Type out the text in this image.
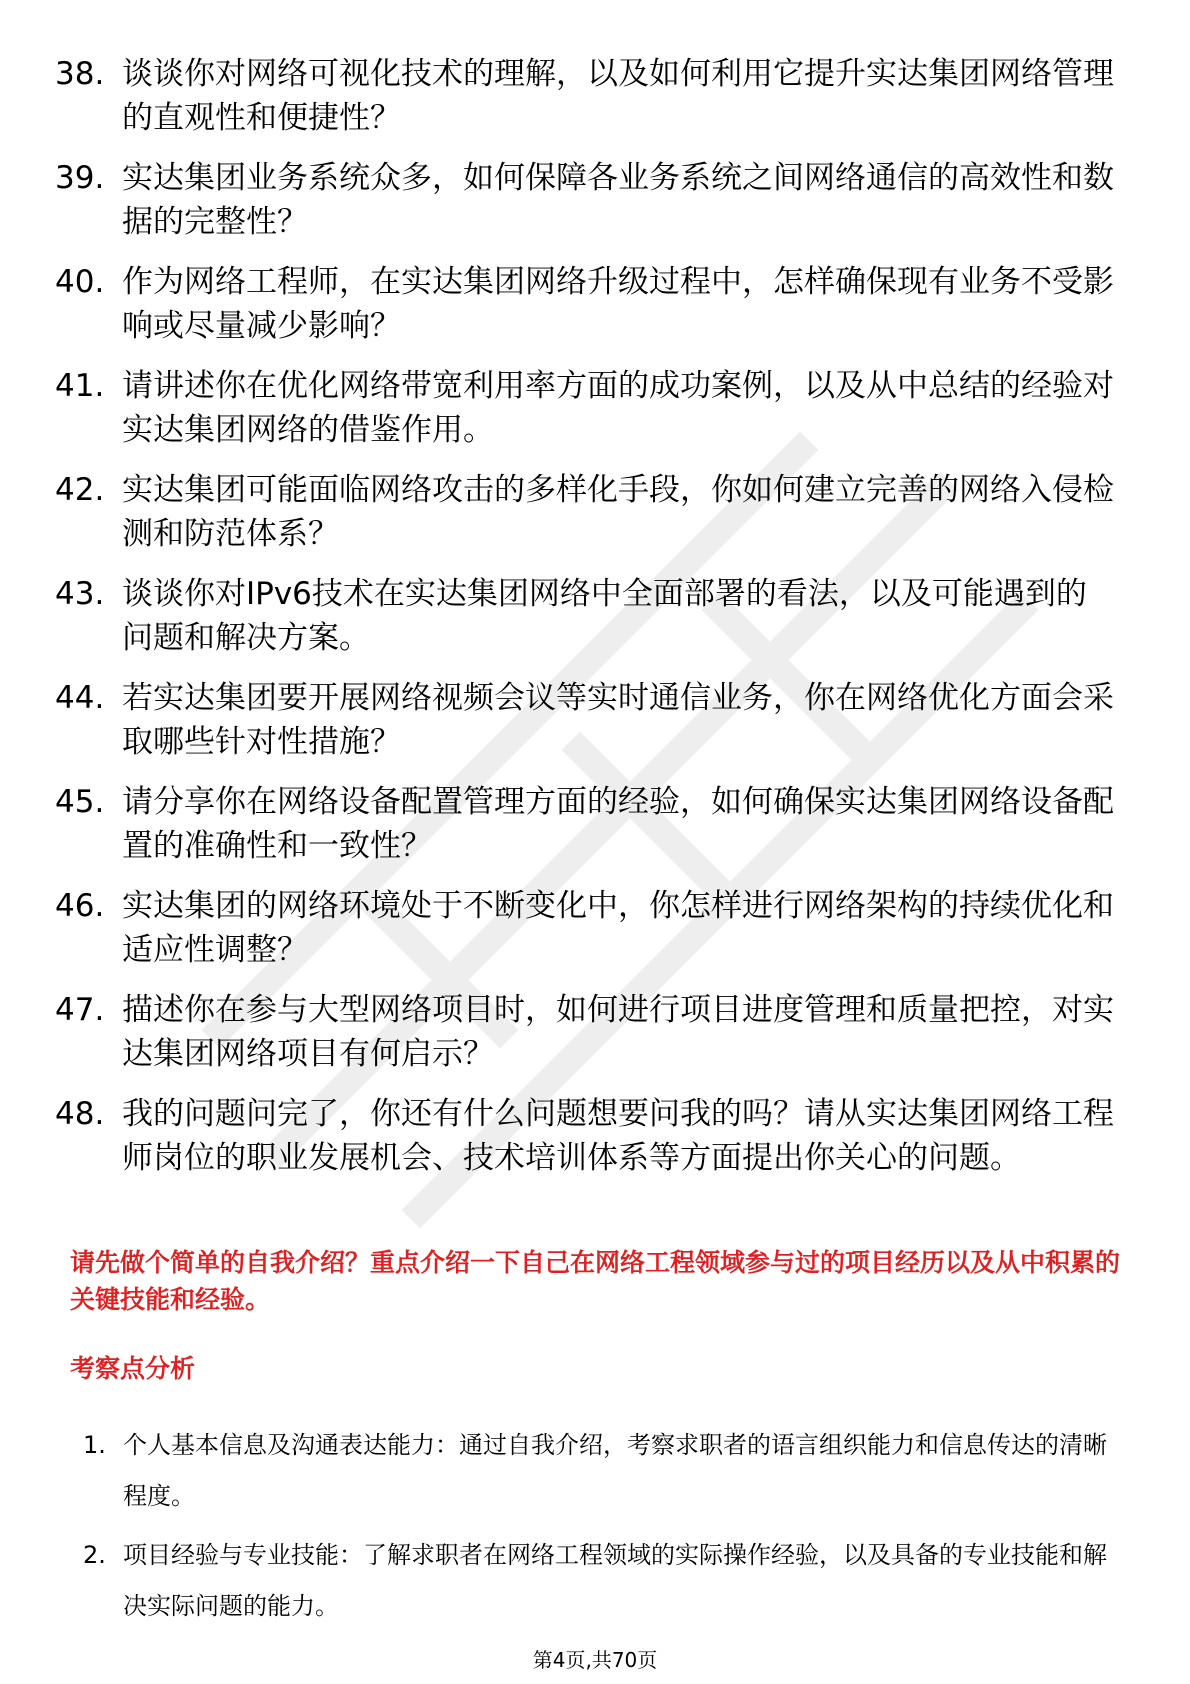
38. 谈谈你对网络可视化技术的理解，以及如何利用它提升实达集团网络管理的直观性和便捷性？
39. 实达集团业务系统众多，如何保障各业务系统之间网络通信的高效性和数据的完整性？
40. 作为网络工程师，在实达集团网络升级过程中，怎样确保现有业务不受影响或尽量减少影响？
41. 请讲述你在优化网络带宽利用率方面的成功案例，以及从中总结的经验对实达集团网络的借鉴作用。
42. 实达集团可能面临网络攻击的多样化手段，你如何建立完善的网络入侵检测和防范体系？
43. 谈谈你对IPv6技术在实达集团网络中全面部署的看法，以及可能遇到的问题和解决方案。
44. 若实达集团要开展网络视频会议等实时通信业务，你在网络优化方面会采取哪些针对性措施？
45. 请分享你在网络设备配置管理方面的经验，如何确保实达集团网络设备配置的准确性和一致性？
46. 实达集团的网络环境处于不断变化中，你怎样进行网络架构的持续优化和适应性调整？
47. 描述你在参与大型网络项目时，如何进行项目进度管理和质量把控，对实达集团网络项目有何启示？
48. 我的问题问完了，你还有什么问题想要问我的吗？请从实达集团网络工程师岗位的职业发展机会、技术培训体系等方面提出你关心的问题。

请先做个简单的自我介绍？重点介绍一下自己在网络工程领域参与过的项目经历以及从中积累的关键技能和经验。

考察点分析
1. 个人基本信息及沟通表达能力：通过自我介绍，考察求职者的语言组织能力和信息传达的清晰程度。
2. 项目经验与专业技能：了解求职者在网络工程领域的实际操作经验，以及具备的专业技能和解决实际问题的能力。
第4页,共70页
